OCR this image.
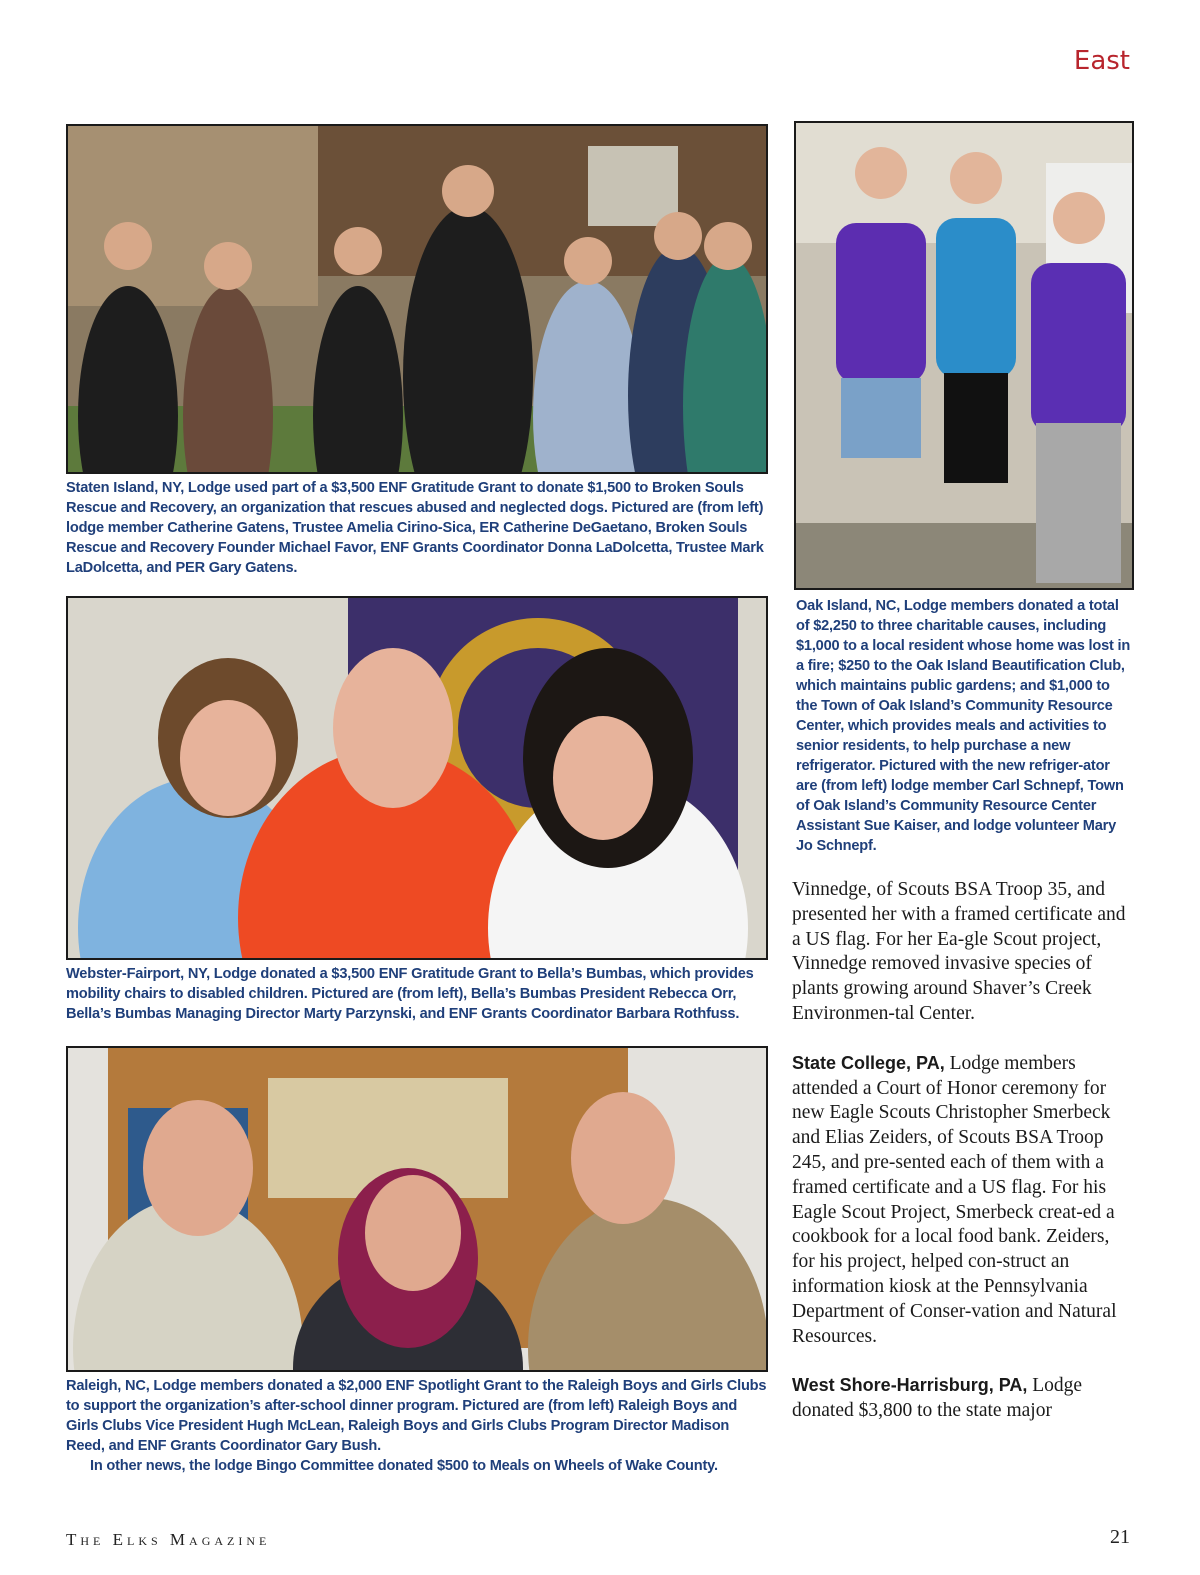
East

Staten Island, NY, Lodge used part of a $3,500 ENF Gratitude Grant to donate $1,500 to Broken Souls Rescue and Recovery, an organization that rescues abused and neglected dogs. Pictured are (from left) lodge member Catherine Gatens, Trustee Amelia Cirino-Sica, ER Catherine DeGaetano, Broken Souls Rescue and Recovery Founder Michael Favor, ENF Grants Coordinator Donna LaDolcetta, Trustee Mark LaDolcetta, and PER Gary Gatens.

Oak Island, NC, Lodge members donated a total of $2,250 to three charitable causes, including $1,000 to a local resident whose home was lost in a fire; $250 to the Oak Island Beautification Club, which maintains public gardens; and $1,000 to the Town of Oak Island’s Community Resource Center, which provides meals and activities to senior residents, to help purchase a new refrigerator. Pictured with the new refriger-ator are (from left) lodge member Carl Schnepf, Town of Oak Island’s Community Resource Center Assistant Sue Kaiser, and lodge volunteer Mary Jo Schnepf.

Webster-Fairport, NY, Lodge donated a $3,500 ENF Gratitude Grant to Bella’s Bumbas, which provides mobility chairs to disabled children. Pictured are (from left), Bella’s Bumbas President Rebecca Orr, Bella’s Bumbas Managing Director Marty Parzynski, and ENF Grants Coordinator Barbara Rothfuss.

Raleigh, NC, Lodge members donated a $2,000 ENF Spotlight Grant to the Raleigh Boys and Girls Clubs to support the organization’s after-school dinner program. Pictured are (from left) Raleigh Boys and Girls Clubs Vice President Hugh McLean, Raleigh Boys and Girls Clubs Program Director Madison Reed, and ENF Grants Coordinator Gary Bush.

In other news, the lodge Bingo Committee donated $500 to Meals on Wheels of Wake County.

Vinnedge, of Scouts BSA Troop 35, and presented her with a framed certificate and a US flag. For her Ea-gle Scout project, Vinnedge removed invasive species of plants growing around Shaver’s Creek Environmen-tal Center.

State College, PA, Lodge members attended a Court of Honor ceremony for new Eagle Scouts Christopher Smerbeck and Elias Zeiders, of Scouts BSA Troop 245, and pre-sented each of them with a framed certificate and a US flag. For his Eagle Scout Project, Smerbeck creat-ed a cookbook for a local food bank. Zeiders, for his project, helped con-struct an information kiosk at the Pennsylvania Department of Conser-vation and Natural Resources.

West Shore-Harrisburg, PA, Lodge donated $3,800 to the state major

The Elks Magazine	21
